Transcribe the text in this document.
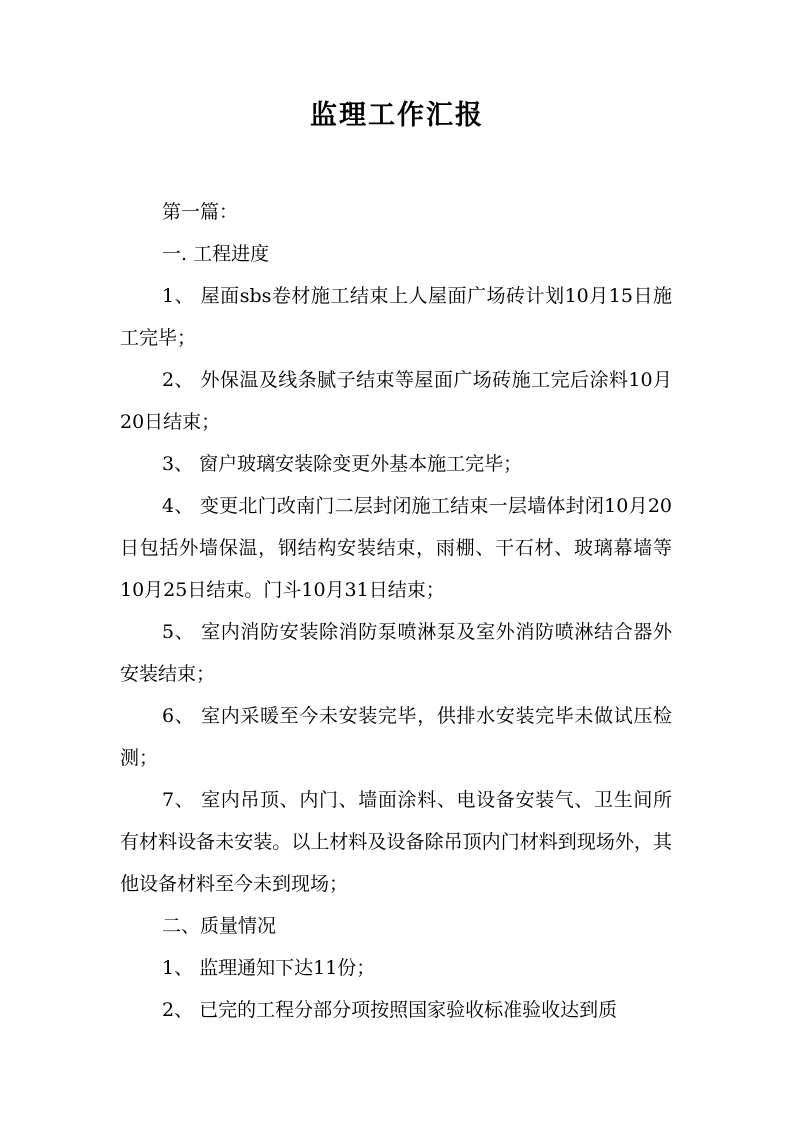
监理工作汇报

第一篇：

一. 工程进度

1、 屋面sbs卷材施工结束上人屋面广场砖计划10月15日施工完毕；

2、 外保温及线条腻子结束等屋面广场砖施工完后涂料10月20日结束；

3、 窗户玻璃安装除变更外基本施工完毕；

4、 变更北门改南门二层封闭施工结束一层墙体封闭10月20日包括外墙保温，钢结构安装结束，雨棚、干石材、玻璃幕墙等10月25日结束。门斗10月31日结束；

5、 室内消防安装除消防泵喷淋泵及室外消防喷淋结合器外安装结束；

6、 室内采暖至今未安装完毕，供排水安装完毕未做试压检测；

7、 室内吊顶、内门、墙面涂料、电设备安装气、卫生间所有材料设备未安装。以上材料及设备除吊顶内门材料到现场外，其他设备材料至今未到现场；

二、质量情况

1、 监理通知下达11份；

2、 已完的工程分部分项按照国家验收标准验收达到质
